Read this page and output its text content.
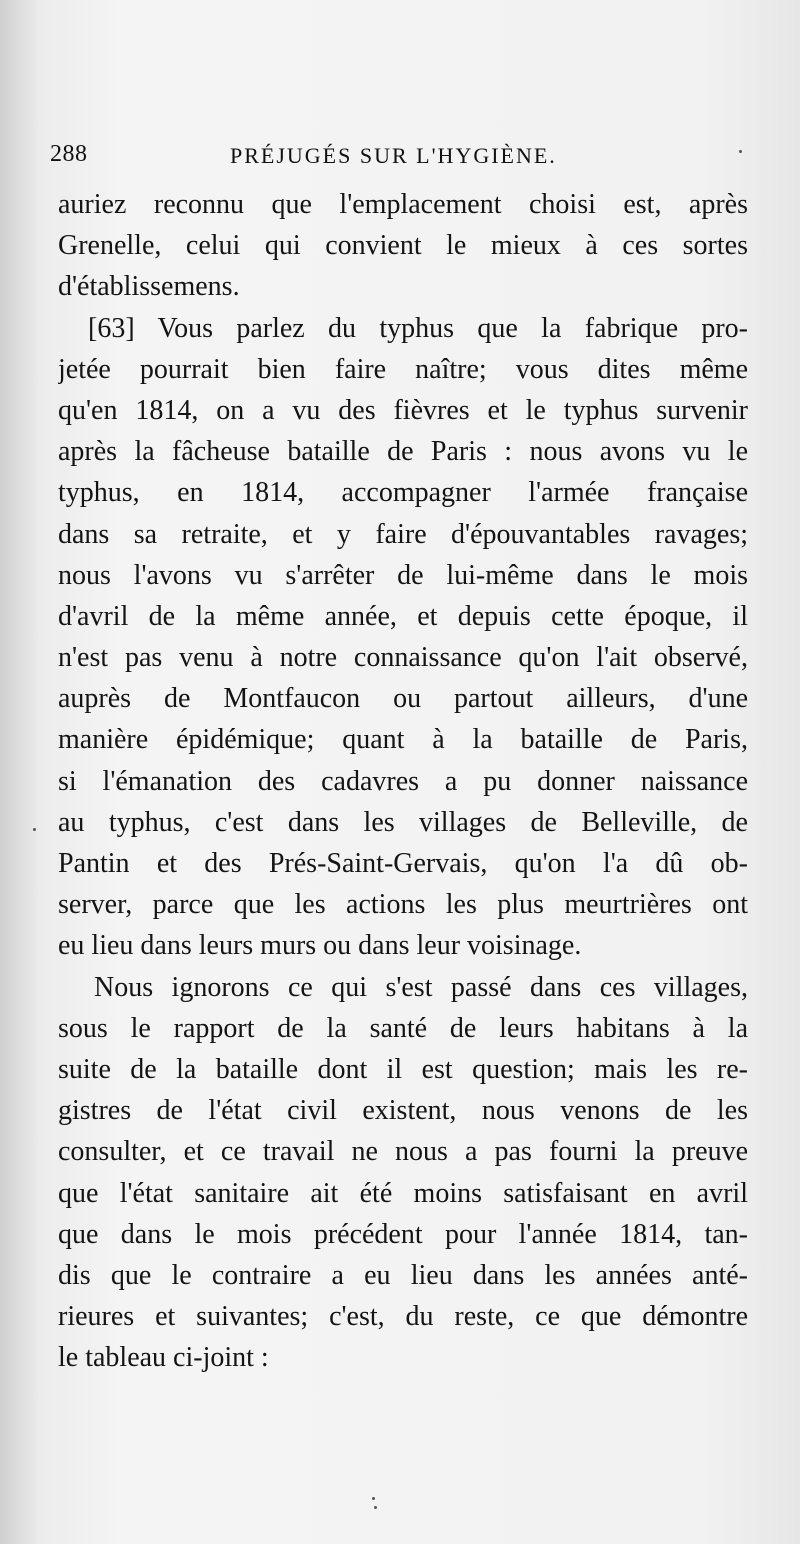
288	PRÉJUGÉS SUR L'HYGIÈNE.
auriez reconnu que l'emplacement choisi est, après
Grenelle, celui qui convient le mieux à ces sortes
d'établissemens.
[63] Vous parlez du typhus que la fabrique pro-
jetée pourrait bien faire naître; vous dites même
qu'en 1814, on a vu des fièvres et le typhus survenir
après la fâcheuse bataille de Paris : nous avons vu le
typhus, en 1814, accompagner l'armée française
dans sa retraite, et y faire d'épouvantables ravages;
nous l'avons vu s'arrêter de lui-même dans le mois
d'avril de la même année, et depuis cette époque, il
n'est pas venu à notre connaissance qu'on l'ait observé,
auprès de Montfaucon ou partout ailleurs, d'une
manière épidémique; quant à la bataille de Paris,
si l'émanation des cadavres a pu donner naissance
au typhus, c'est dans les villages de Belleville, de
Pantin et des Prés-Saint-Gervais, qu'on l'a dû ob-
server, parce que les actions les plus meurtrières ont
eu lieu dans leurs murs ou dans leur voisinage.
Nous ignorons ce qui s'est passé dans ces villages,
sous le rapport de la santé de leurs habitans à la
suite de la bataille dont il est question; mais les re-
gistres de l'état civil existent, nous venons de les
consulter, et ce travail ne nous a pas fourni la preuve
que l'état sanitaire ait été moins satisfaisant en avril
que dans le mois précédent pour l'année 1814, tan-
dis que le contraire a eu lieu dans les années anté-
rieures et suivantes; c'est, du reste, ce que démontre
le tableau ci-joint :
